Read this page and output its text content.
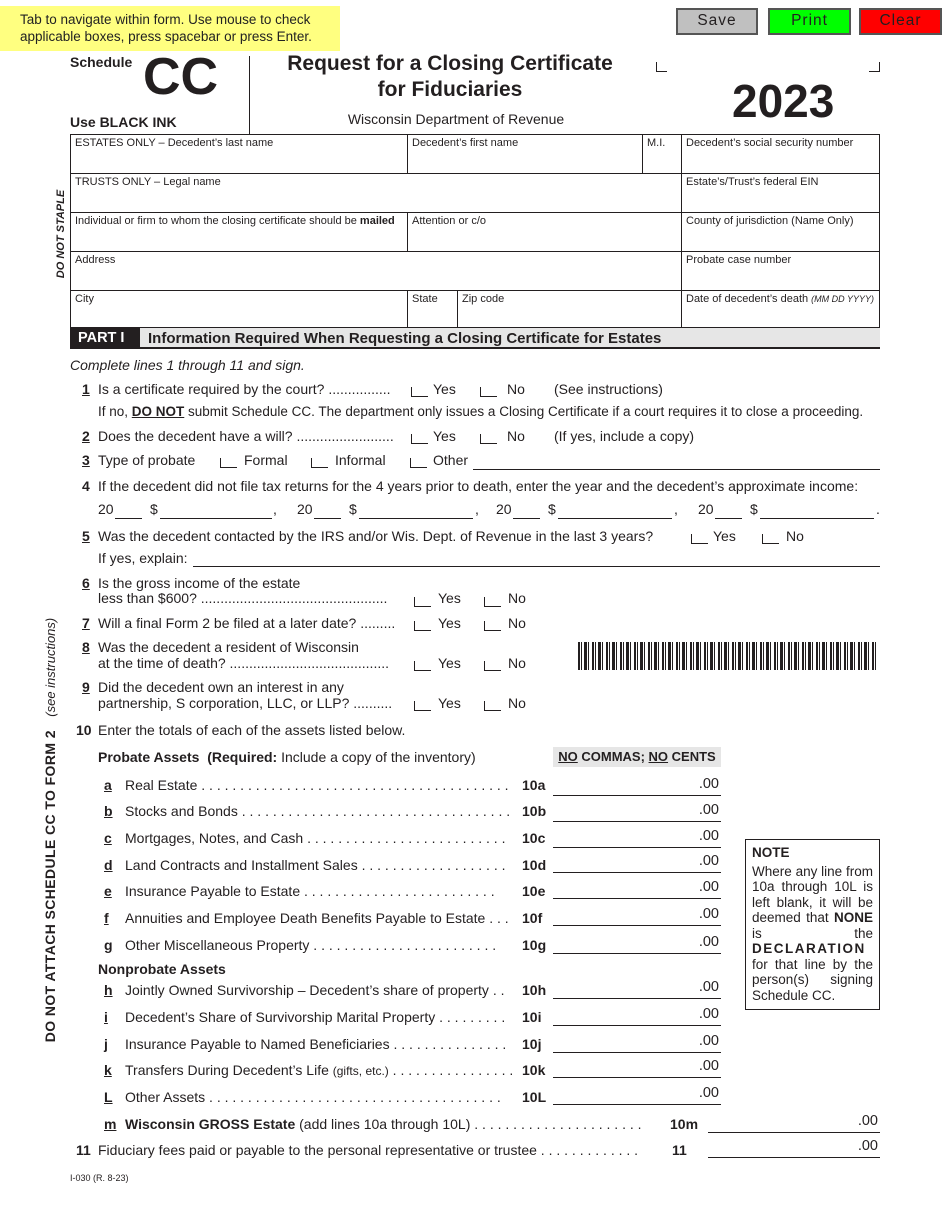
Tab to navigate within form. Use mouse to check applicable boxes, press spacebar or press Enter.
Save	Print	Clear
Schedule CC
Use BLACK INK
Request for a Closing Certificate
for Fiduciaries
Wisconsin Department of Revenue	2023
DO NOT STAPLE
DO NOT ATTACH SCHEDULE CC TO FORM 2   (see instructions)
ESTATES ONLY – Decedent’s last name	Decedent’s first name	M.I.	Decedent’s social security number
TRUSTS ONLY – Legal name	Estate’s/Trust’s federal EIN
Individual or firm to whom the closing certificate should be mailed	Attention or c/o	County of jurisdiction (Name Only)
Address	Probate case number
City	State	Zip code	Date of decedent’s death (MM DD YYYY)
PART I	Information Required When Requesting a Closing Certificate for Estates
Complete lines 1 through 11 and sign.
1 Is a certificate required by the court? ................	Yes	No (See instructions)
If no, DO NOT submit Schedule CC. The department only issues a Closing Certificate if a court requires it to close a proceeding.
2 Does the decedent have a will? .........................	Yes	No (If yes, include a copy)
3 Type of probate	Formal	Informal	Other
4 If the decedent did not file tax returns for the 4 years prior to death, enter the year and the decedent’s approximate income:
20	$	, 20	$	, 20	$	, 20	$	.
5 Was the decedent contacted by the IRS and/or Wis. Dept. of Revenue in the last 3 years?	Yes	No
If yes, explain:
6 Is the gross income of the estate
less than $600? ................................................	Yes	No
7 Will a final Form 2 be filed at a later date? .........	Yes	No
8 Was the decedent a resident of Wisconsin
at the time of death? .........................................	Yes	No
9 Did the decedent own an interest in any
partnership, S corporation, LLC, or LLP? ..........	Yes	No
10 Enter the totals of each of the assets listed below.
Probate Assets (Required: Include a copy of the inventory)	NO COMMAS; NO CENTS
a Real Estate . . . . . . . . . . . . . . . . . . . . . . . . . . . . . . . . . . . . . . . . 10a	.00
b Stocks and Bonds . . . . . . . . . . . . . . . . . . . . . . . . . . . . . . . . . . . 10b	.00
c Mortgages, Notes, and Cash . . . . . . . . . . . . . . . . . . . . . . . . . . 10c	.00
d Land Contracts and Installment Sales . . . . . . . . . . . . . . . . . . . 10d	.00
e Insurance Payable to Estate . . . . . . . . . . . . . . . . . . . . . . . . . 10e	.00
f Annuities and Employee Death Benefits Payable to Estate . . . 10f	.00
g Other Miscellaneous Property . . . . . . . . . . . . . . . . . . . . . . . . 10g	.00
Nonprobate Assets
h Jointly Owned Survivorship – Decedent’s share of property . . 10h	.00
i Decedent’s Share of Survivorship Marital Property . . . . . . . . . 10i	.00
j Insurance Payable to Named Beneficiaries . . . . . . . . . . . . . . . 10j	.00
k Transfers During Decedent’s Life (gifts, etc.) . . . . . . . . . . . . . . . . 10k	.00
L Other Assets . . . . . . . . . . . . . . . . . . . . . . . . . . . . . . . . . . . . . . 10L	.00
NOTE
Where any line from 10a through 10L is left blank, it will be deemed that NONE is the DECLARATION for that line by the person(s) signing Schedule CC.
m Wisconsin GROSS Estate (add lines 10a through 10L) . . . . . . . . . . . . . . . . . . . . . . 10m	.00
11 Fiduciary fees paid or payable to the personal representative or trustee . . . . . . . . . . . . . 11	.00
I-030 (R. 8-23)
